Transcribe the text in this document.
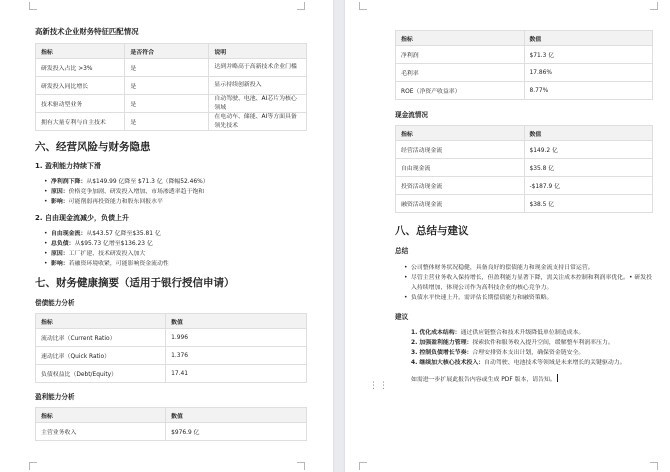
高新技术企业财务特征匹配情况
指标	是否符合	说明
研发投入占比 >3%	是	达到并略高于高新技术企业门槛

研发投入同比增长	是	显示持续创新投入

技术驱动型业务	是	自动驾驶、电池、AI芯片为核心领域

拥有大量专利与自主技术	是	在电动车、储能、AI等方面具备领先技术
六、经营风险与财务隐患
1. 盈利能力持续下滑
• 净利润下降：从$149.99 亿降至 $71.3 亿（降幅52.46%）
• 原因：价格竞争加剧、研发投入增加、市场渗透率趋于饱和
• 影响：可能削弱再投资能力和股东回报水平
2. 自由现金流减少，负债上升
• 自由现金流：从$43.57 亿降至$35.81 亿
• 总负债：从$95.73 亿增至$136.23 亿
• 原因：工厂扩建、技术研发投入加大
• 影响：若融资环境收紧，可能影响资金流动性
七、财务健康摘要（适用于银行授信申请）
偿债能力分析
指标	数值
流动比率（Current Ratio）	1.996
速动比率（Quick Ratio）	1.376
负债权益比（Debt/Equity）	17.41
盈利能力分析
指标	数值
主营业务收入	$976.9 亿
指标	数值
净利润	$71.3 亿
毛利率	17.86%
ROE（净资产收益率）	8.77%
现金流情况
指标	数值
经营活动现金流	$149.2 亿
自由现金流	$35.8 亿
投资活动现金流	-$187.9 亿
融资活动现金流	$38.5 亿
八、总结与建议
总结
• 公司整体财务状况稳健，具备良好的偿债能力和现金流支持日常运营。
• 尽管主营业务收入保持增长，但盈利能力显著下降，需关注成本控制和利润率优化。• 研发投入持续增加，体现公司作为高科技企业的核心竞争力。
• 负债水平快速上升，需评估长期偿债能力和融资策略。
建议
1. 优化成本结构：通过供应链整合和技术升级降低单位制造成本。
2. 加强盈利能力管理：探索软件和服务收入提升空间，缓解整车利润率压力。
3. 控制负债增长节奏：合理安排资本支出计划，确保资金链安全。
4. 继续加大核心技术投入：自动驾驶、电池技术等领域是未来增长的关键驱动力。
如需进一步扩展此报告内容或生成 PDF 版本，请告知。
⋮⋮
